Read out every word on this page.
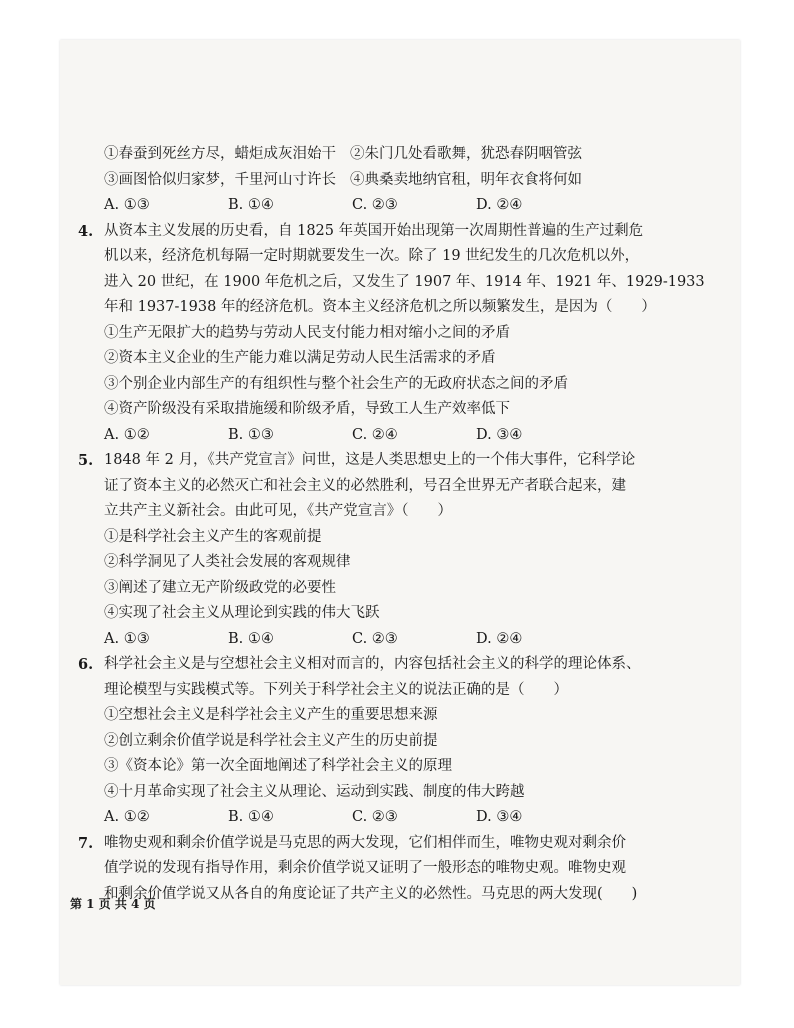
①春蚕到死丝方尽，蜡炬成灰泪始干 ②朱门几处看歌舞，犹恐春阴咽管弦
③画图恰似归家梦，千里河山寸许长 ④典桑卖地纳官租，明年衣食将何如
A. ①③	B. ①④	C. ②③	D. ②④
4. 从资本主义发展的历史看，自 1825 年英国开始出现第一次周期性普遍的生产过剩危
机以来，经济危机每隔一定时期就要发生一次。除了 19 世纪发生的几次危机以外，
进入 20 世纪，在 1900 年危机之后，又发生了 1907 年、1914 年、1921 年、1929-1933
年和 1937-1938 年的经济危机。资本主义经济危机之所以频繁发生，是因为（　　）
①生产无限扩大的趋势与劳动人民支付能力相对缩小之间的矛盾
②资本主义企业的生产能力难以满足劳动人民生活需求的矛盾
③个别企业内部生产的有组织性与整个社会生产的无政府状态之间的矛盾
④资产阶级没有采取措施缓和阶级矛盾，导致工人生产效率低下
A. ①②	B. ①③	C. ②④	D. ③④
5. 1848 年 2 月，《共产党宣言》问世，这是人类思想史上的一个伟大事件，它科学论
证了资本主义的必然灭亡和社会主义的必然胜利，号召全世界无产者联合起来，建
立共产主义新社会。由此可见，《共产党宣言》（　　）
①是科学社会主义产生的客观前提
②科学洞见了人类社会发展的客观规律
③阐述了建立无产阶级政党的必要性
④实现了社会主义从理论到实践的伟大飞跃
A. ①③	B. ①④	C. ②③	D. ②④
6. 科学社会主义是与空想社会主义相对而言的，内容包括社会主义的科学的理论体系、
理论模型与实践模式等。下列关于科学社会主义的说法正确的是（　　）
①空想社会主义是科学社会主义产生的重要思想来源
②创立剩余价值学说是科学社会主义产生的历史前提
③《资本论》第一次全面地阐述了科学社会主义的原理
④十月革命实现了社会主义从理论、运动到实践、制度的伟大跨越
A. ①②	B. ①④	C. ②③	D. ③④
7. 唯物史观和剩余价值学说是马克思的两大发现，它们相伴而生，唯物史观对剩余价
值学说的发现有指导作用，剩余价值学说又证明了一般形态的唯物史观。唯物史观
和剩余价值学说又从各自的角度论证了共产主义的必然性。马克思的两大发现(　　)
第 1 页 共 4 页
